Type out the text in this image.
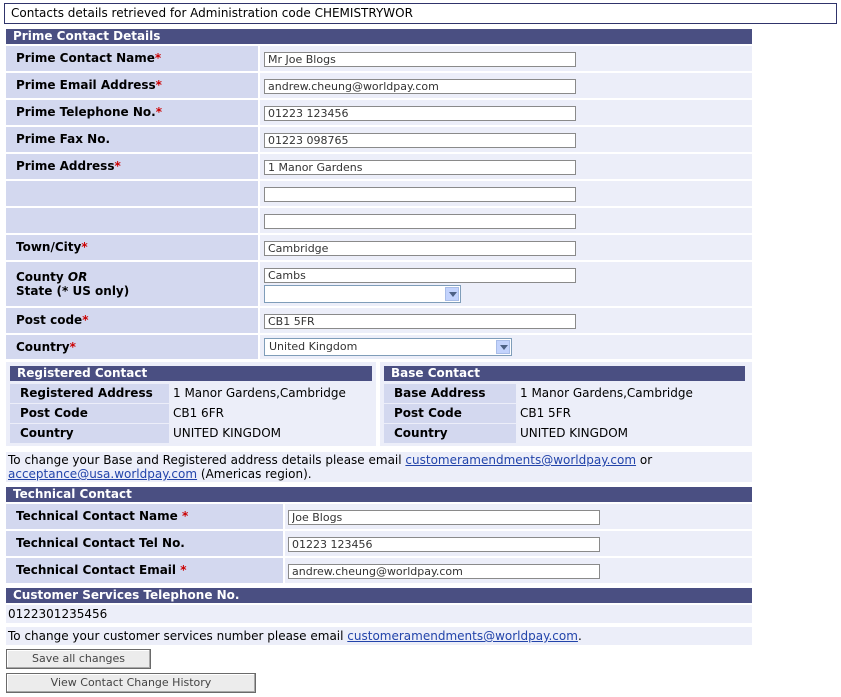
Contacts details retrieved for Administration code CHEMISTRYWOR
Prime Contact Details
Prime Contact Name*
Mr Joe Blogs
Prime Email Address*
andrew.cheung@worldpay.com
Prime Telephone No.*
01223 123456
Prime Fax No.
01223 098765
Prime Address*
1 Manor Gardens
Town/City*
Cambridge
County OR
State (* US only)
Cambs
Post code*
CB1 5FR
Country*	United Kingdom
Registered Contact
Registered Address	1 Manor Gardens,Cambridge
Post Code	CB1 6FR
Country	UNITED KINGDOM
Base Contact
Base Address	1 Manor Gardens,Cambridge
Post Code	CB1 5FR
Country	UNITED KINGDOM
To change your Base and Registered address details please email customeramendments@worldpay.com or
acceptance@usa.worldpay.com (Americas region).
Technical Contact
Technical Contact Name *
Joe Blogs
Technical Contact Tel No.
01223 123456
Technical Contact Email *
andrew.cheung@worldpay.com
Customer Services Telephone No.
0122301235456
To change your customer services number please email customeramendments@worldpay.com.
Save all changes
View Contact Change History
